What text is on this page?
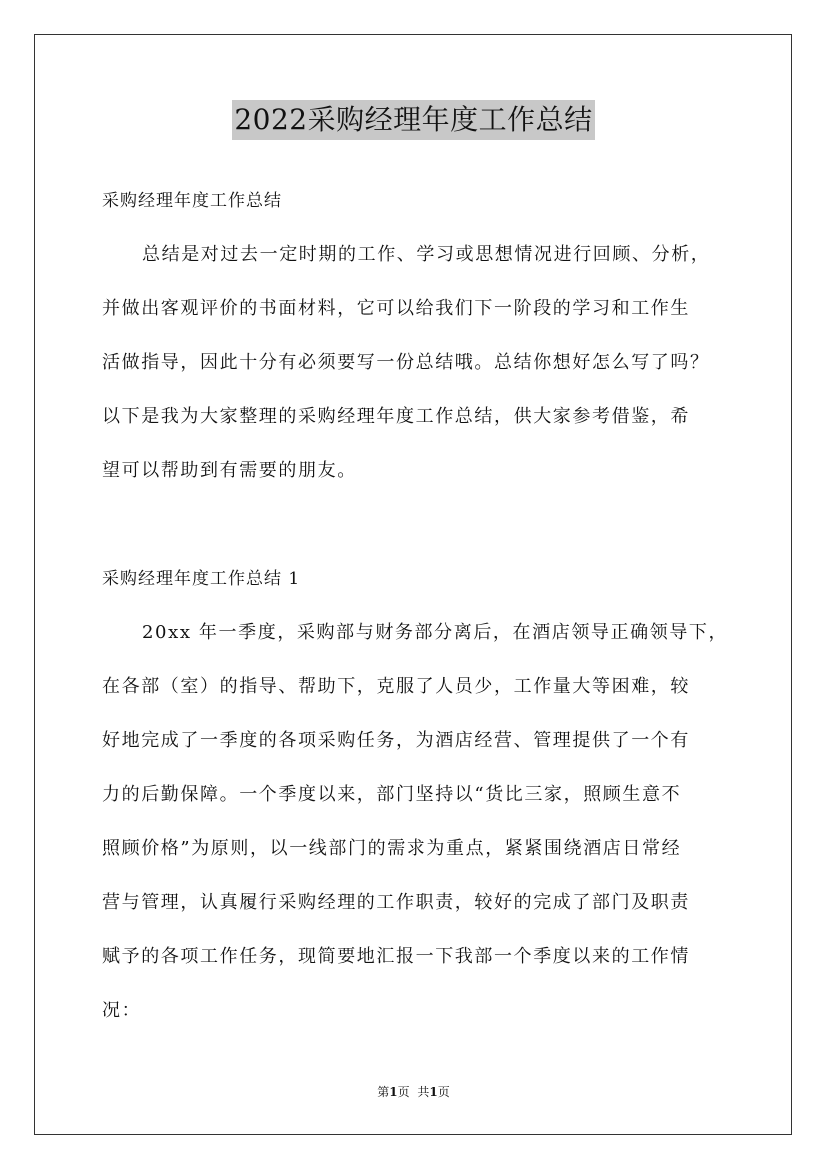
2022采购经理年度工作总结
采购经理年度工作总结
总结是对过去一定时期的工作、学习或思想情况进行回顾、分析，
并做出客观评价的书面材料，它可以给我们下一阶段的学习和工作生
活做指导，因此十分有必须要写一份总结哦。总结你想好怎么写了吗？
以下是我为大家整理的采购经理年度工作总结，供大家参考借鉴，希
望可以帮助到有需要的朋友。
采购经理年度工作总结 1
20xx 年一季度，采购部与财务部分离后，在酒店领导正确领导下，
在各部（室）的指导、帮助下，克服了人员少，工作量大等困难，较
好地完成了一季度的各项采购任务，为酒店经营、管理提供了一个有
力的后勤保障。一个季度以来，部门坚持以“货比三家，照顾生意不
照顾价格”为原则，以一线部门的需求为重点，紧紧围绕酒店日常经
营与管理，认真履行采购经理的工作职责，较好的完成了部门及职责
赋予的各项工作任务，现简要地汇报一下我部一个季度以来的工作情
况：
第1页 共1页
